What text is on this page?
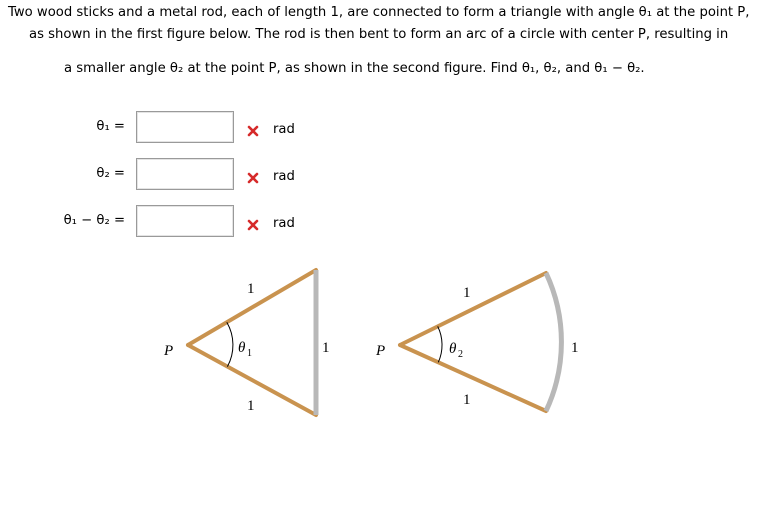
Two wood sticks and a metal rod, each of length 1, are connected to form a triangle with angle θ₁ at the point P,
as shown in the first figure below. The rod is then bent to form an arc of a circle with center P, resulting in
a smaller angle θ₂ at the point P, as shown in the second figure. Find θ₁, θ₂, and θ₁ − θ₂.
θ₁ =	rad
θ₂ =	rad
θ₁ − θ₂ =	rad
P	θ 1
1
1
1	P	θ 2
1
1
1
